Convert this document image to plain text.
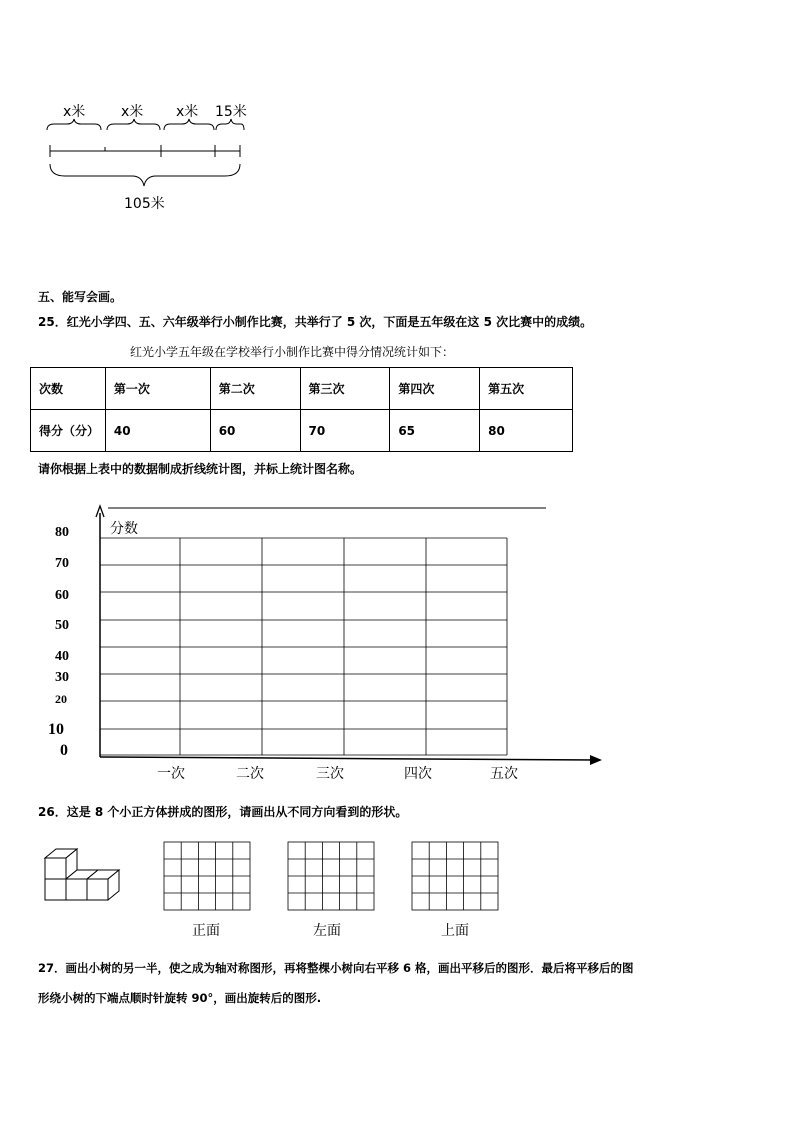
x米	x米 x米 15米
105米
五、能写会画。
25．红光小学四、五、六年级举行小制作比赛，共举行了 5 次，下面是五年级在这 5 次比赛中的成绩。
红光小学五年级在学校举行小制作比赛中得分情况统计如下：
次数	第一次	第二次	第三次	第四次	第五次
得分（分）	40	60	70	65	80
请你根据上表中的数据制成折线统计图，并标上统计图名称。
分数
80
70
60
50
40
30
20
10
0
一次	二次	三次	四次	五次
26．这是 8 个小正方体拼成的图形，请画出从不同方向看到的形状。
正面	左面	上面
27．画出小树的另一半，使之成为轴对称图形，再将整棵小树向右平移 6 格，画出平移后的图形．最后将平移后的图
形绕小树的下端点顺时针旋转 90°，画出旋转后的图形.
